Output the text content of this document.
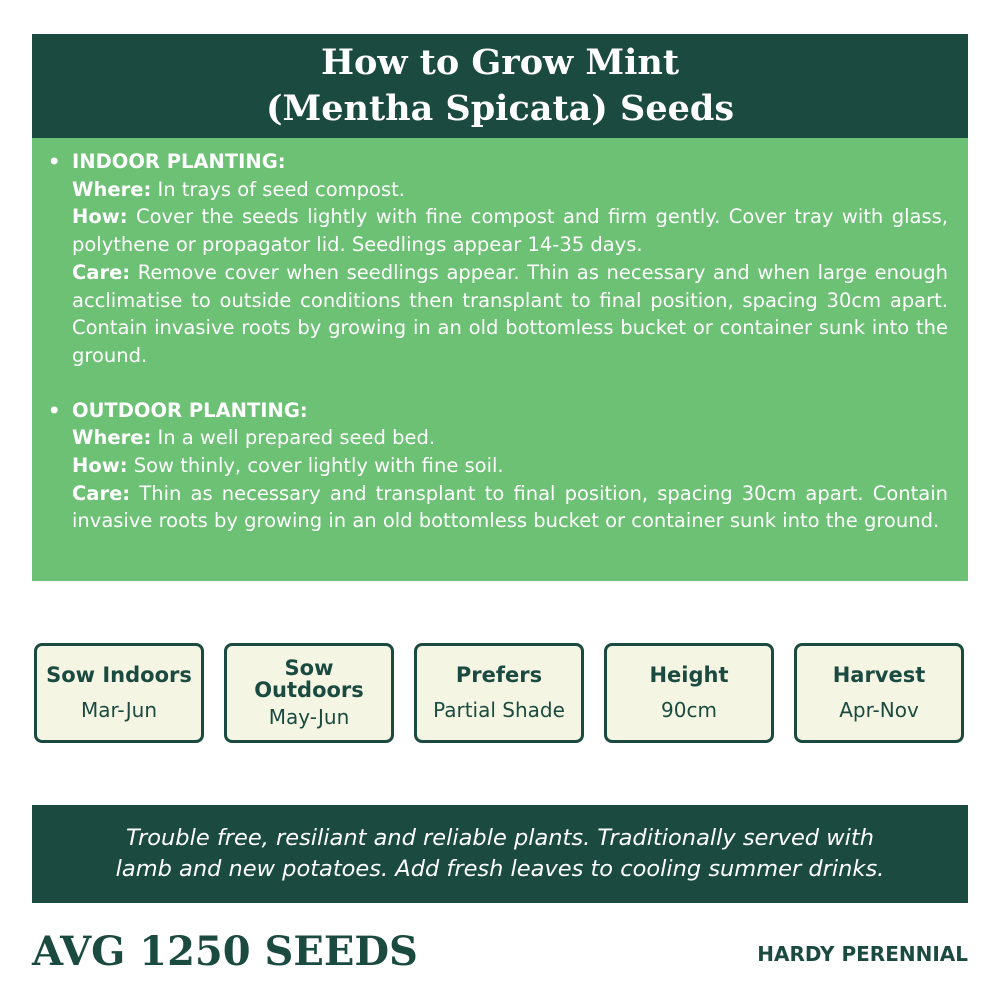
How to Grow Mint
(Mentha Spicata) Seeds
• INDOOR PLANTING:
Where: In trays of seed compost.
How: Cover the seeds lightly with fine compost and firm gently. Cover tray with glass, polythene or propagator lid. Seedlings appear 14-35 days.
Care: Remove cover when seedlings appear. Thin as necessary and when large enough acclimatise to outside conditions then transplant to final position, spacing 30cm apart. Contain invasive roots by growing in an old bottomless bucket or container sunk into the ground.
• OUTDOOR PLANTING:
Where: In a well prepared seed bed.
How: Sow thinly, cover lightly with fine soil.
Care: Thin as necessary and transplant to final position, spacing 30cm apart. Contain invasive roots by growing in an old bottomless bucket or container sunk into the ground.
Sow Indoors
Mar-Jun
Sow Outdoors
May-Jun
Prefers
Partial Shade
Height
90cm
Harvest
Apr-Nov
Trouble free, resiliant and reliable plants. Traditionally served with
lamb and new potatoes. Add fresh leaves to cooling summer drinks.
AVG 1250 SEEDS	HARDY PERENNIAL
